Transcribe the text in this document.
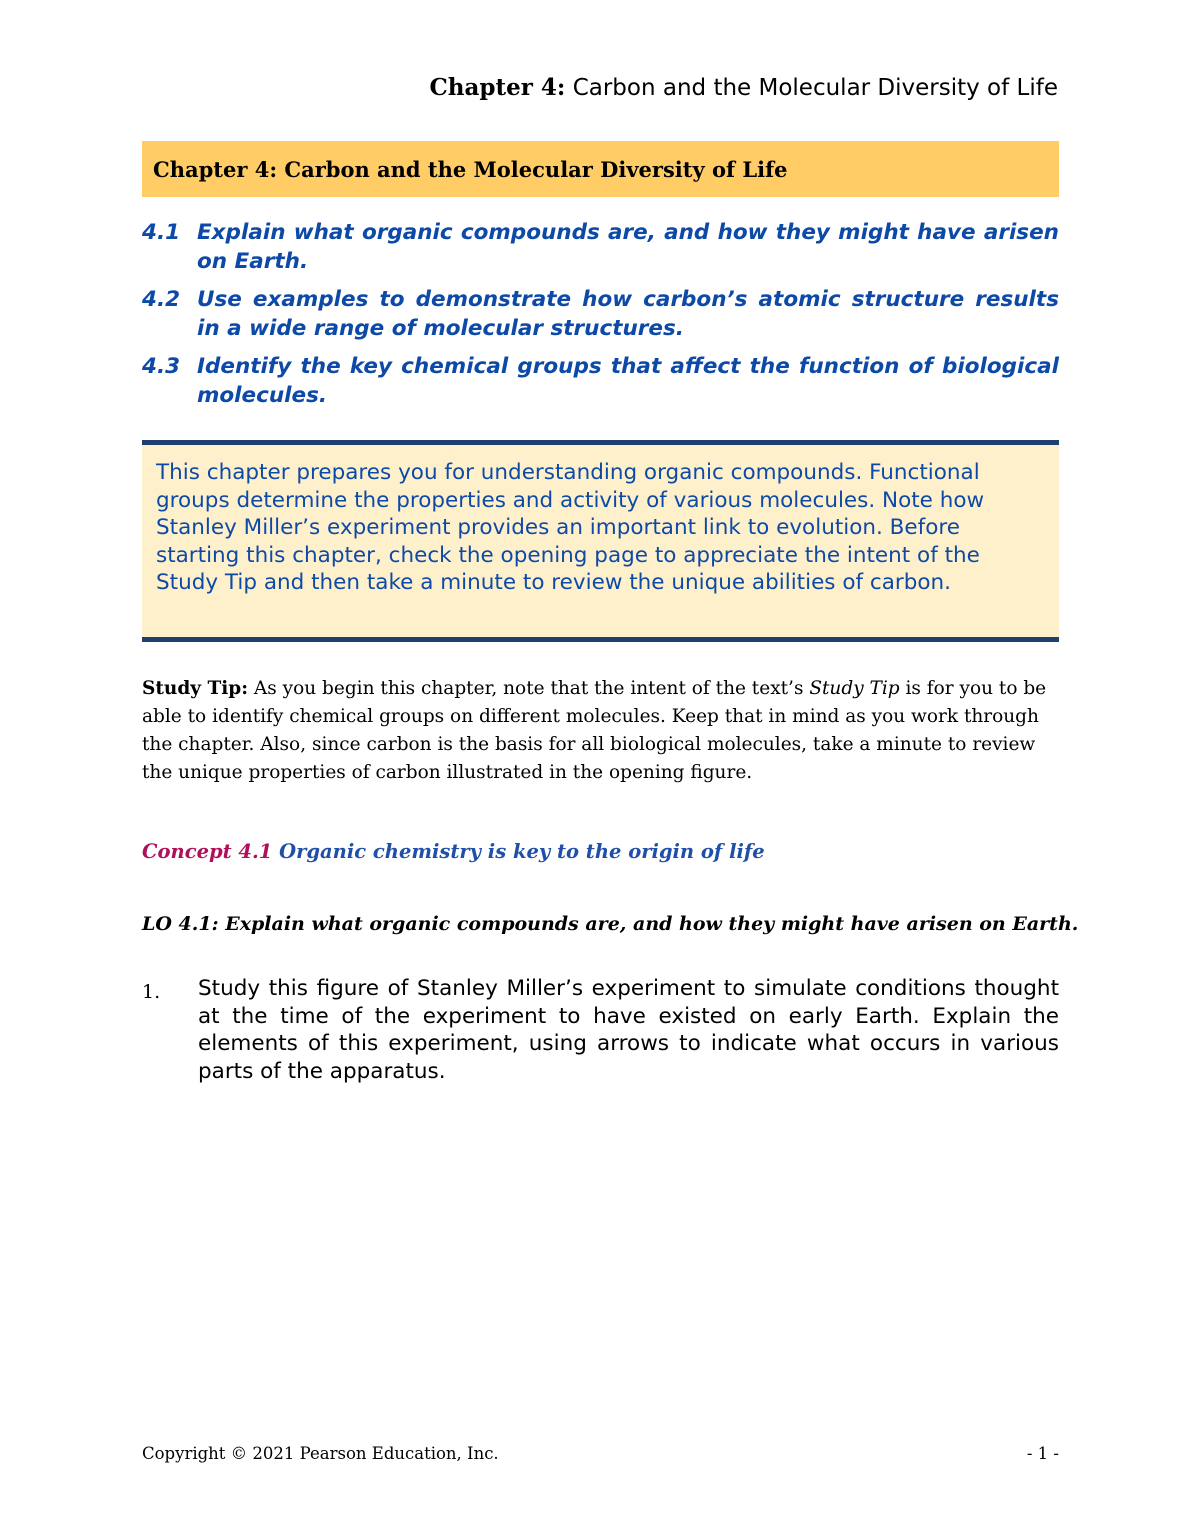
Chapter 4: Carbon and the Molecular Diversity of Life
Chapter 4: Carbon and the Molecular Diversity of Life
4.1 Explain what organic compounds are, and how they might have arisen on Earth.
4.2 Use examples to demonstrate how carbon’s atomic structure results in a wide range of molecular structures.
4.3 Identify the key chemical groups that affect the function of biological molecules.
This chapter prepares you for understanding organic compounds. Functional groups determine the properties and activity of various molecules. Note how Stanley Miller’s experiment provides an important link to evolution. Before starting this chapter, check the opening page to appreciate the intent of the Study Tip and then take a minute to review the unique abilities of carbon.
Study Tip: As you begin this chapter, note that the intent of the text’s Study Tip is for you to be able to identify chemical groups on different molecules. Keep that in mind as you work through the chapter. Also, since carbon is the basis for all biological molecules, take a minute to review the unique properties of carbon illustrated in the opening figure.
Concept 4.1 Organic chemistry is key to the origin of life
LO 4.1: Explain what organic compounds are, and how they might have arisen on Earth.
1.	Study this figure of Stanley Miller’s experiment to simulate conditions thought at the time of the experiment to have existed on early Earth. Explain the elements of this experiment, using arrows to indicate what occurs in various parts of the apparatus.
Copyright © 2021 Pearson Education, Inc.	- 1 -
